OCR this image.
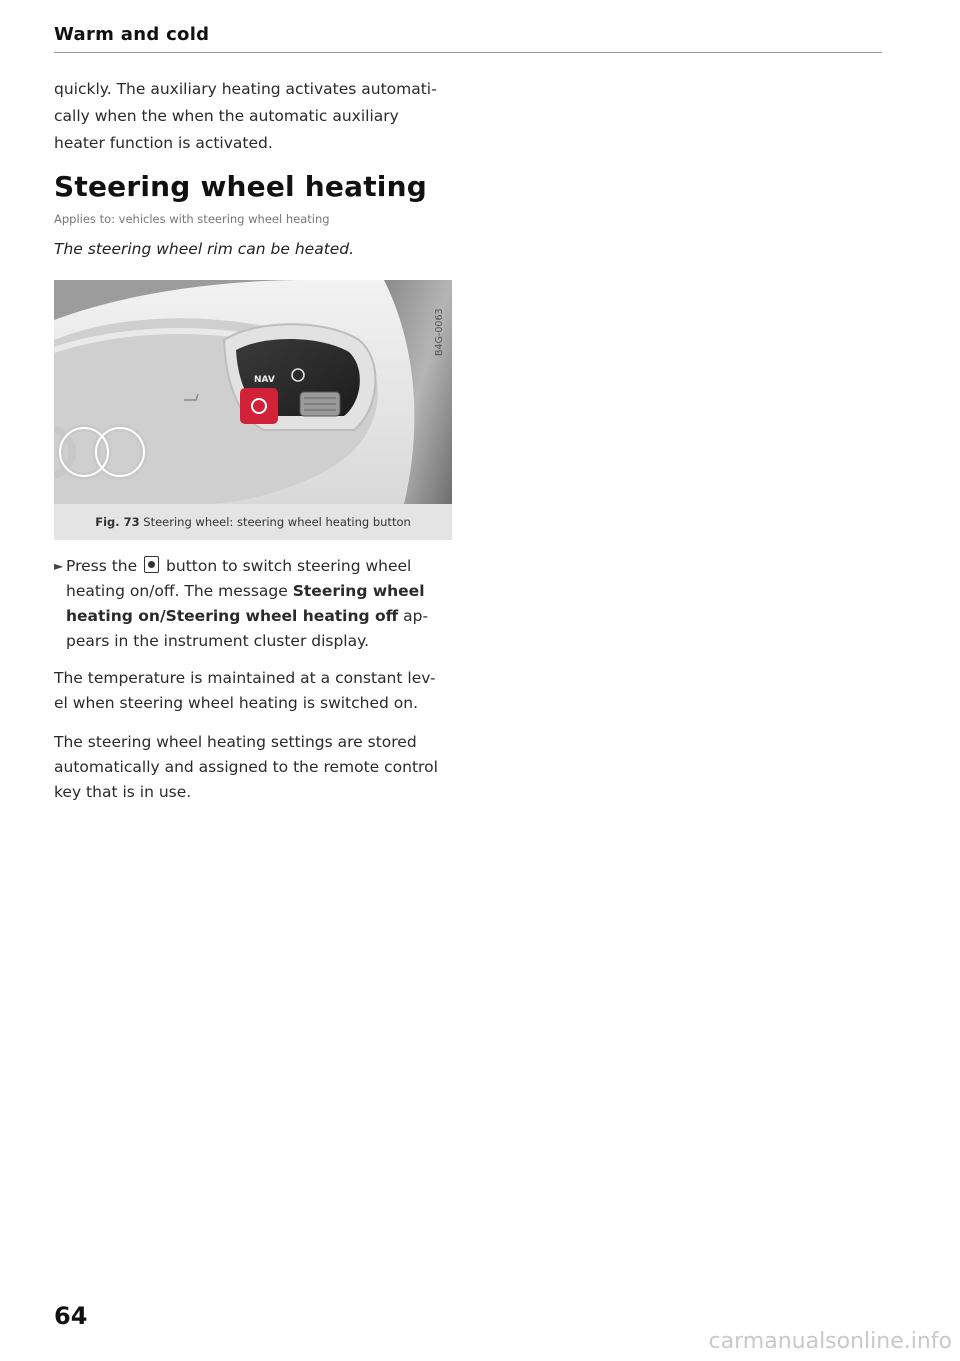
Warm and cold

quickly. The auxiliary heating activates automati-

cally when the when the automatic auxiliary

heater function is activated.

Steering wheel heating
Applies to: vehicles with steering wheel heating
The steering wheel rim can be heated.
NAV
B4G-0063
Fig. 73 Steering wheel: steering wheel heating button
► Press the button to switch steering wheel heating on/off. The message Steering wheel heating on/Steering wheel heating off ap- pears in the instrument cluster display.

The temperature is maintained at a constant lev- el when steering wheel heating is switched on.

The steering wheel heating settings are stored automatically and assigned to the remote control key that is in use.

64
carmanualsonline.info
